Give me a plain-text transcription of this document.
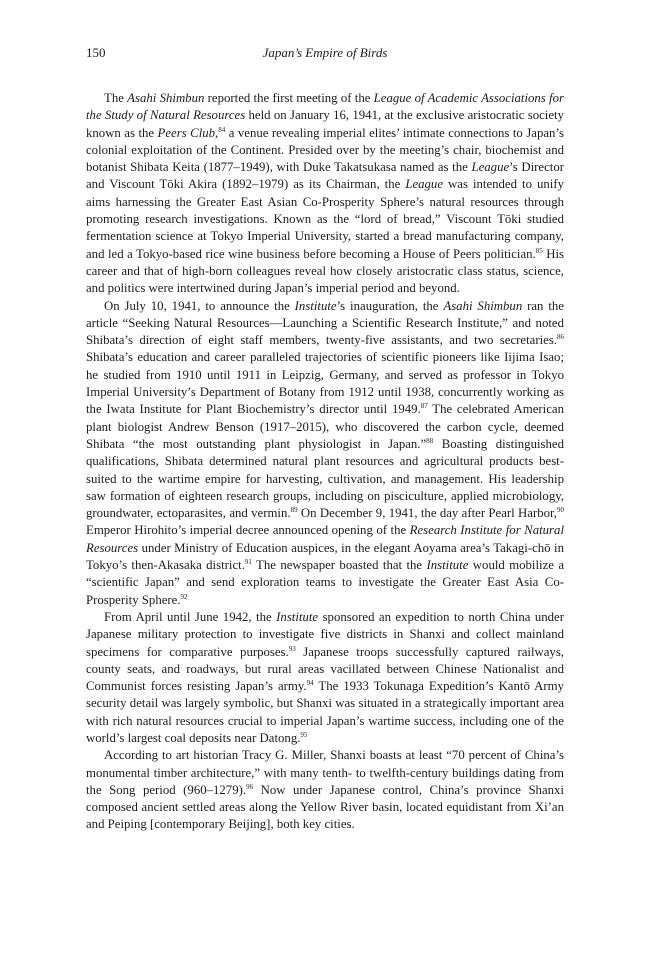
150	Japan’s Empire of Birds

The Asahi Shimbun reported the first meeting of the League of Academic Associations for the Study of Natural Resources held on January 16, 1941, at the exclusive aristocratic society known as the Peers Club,$^{84}$ a venue revealing imperial elites’ intimate connections to Japan’s colonial exploitation of the Continent. Presided over by the meeting’s chair, biochemist and botanist Shibata Keita (1877–1949), with Duke Takatsukasa named as the League’s Director and Viscount Tōki Akira (1892–1979) as its Chairman, the League was intended to unify aims harnessing the Greater East Asian Co-Prosperity Sphere’s natural resources through promoting research investigations. Known as the “lord of bread,” Viscount Tōki studied fermentation science at Tokyo Imperial University, started a bread manufacturing company, and led a Tokyo-based rice wine business before becoming a House of Peers politician.$^{85}$ His career and that of high-born colleagues reveal how closely aristocratic class status, science, and politics were intertwined during Japan’s imperial period and beyond.

On July 10, 1941, to announce the Institute’s inauguration, the Asahi Shimbun ran the article “Seeking Natural Resources—Launching a Scientific Research Institute,” and noted Shibata’s direction of eight staff members, twenty-five assistants, and two secretaries.$^{86}$ Shibata’s education and career paralleled trajectories of scientific pioneers like Iijima Isao; he studied from 1910 until 1911 in Leipzig, Germany, and served as professor in Tokyo Imperial University’s Department of Botany from 1912 until 1938, concurrently working as the Iwata Institute for Plant Biochemistry’s director until 1949.87 The celebrated American plant biologist Andrew Benson (1917–2015), who discovered the carbon cycle, deemed Shibata “the most outstanding plant physiologist in Japan.”$^{88}$ Boasting distinguished qualifications, Shibata determined natural plant resources and agricultural products best-suited to the wartime empire for harvesting, cultivation, and management. His leadership saw formation of eighteen research groups, including on pisciculture, applied microbiology, groundwater, ectoparasites, and vermin.$^{89}$ On December 9, 1941, the day after Pearl Harbor,$^{90}$ Emperor Hirohito’s imperial decree announced opening of the Research Institute for Natural Resources under Ministry of Education auspices, in the elegant Aoyama area’s Takagi-chō in Tokyo’s then-Akasaka district.$^{91}$ The newspaper boasted that the Institute would mobilize a “scientific Japan” and send exploration teams to investigate the Greater East Asia Co-Prosperity Sphere.$^{92}$

From April until June 1942, the Institute sponsored an expedition to north China under Japanese military protection to investigate five districts in Shanxi and collect mainland specimens for comparative purposes.$^{93}$ Japanese troops successfully captured railways, county seats, and roadways, but rural areas vacillated between Chinese Nationalist and Communist forces resisting Japan’s army.$^{94}$ The 1933 Tokunaga Expedition’s Kantō Army security detail was largely symbolic, but Shanxi was situated in a strategically important area with rich natural resources crucial to imperial Japan’s wartime success, including one of the world’s largest coal deposits near Datong.$^{95}$

According to art historian Tracy G. Miller, Shanxi boasts at least “70 percent of China’s monumental timber architecture,” with many tenth- to twelfth-century buildings dating from the Song period (960–1279).$^{96}$ Now under Japanese control, China’s province Shanxi composed ancient settled areas along the Yellow River basin, located equidistant from Xi’an and Peiping [contemporary Beijing], both key cities.
